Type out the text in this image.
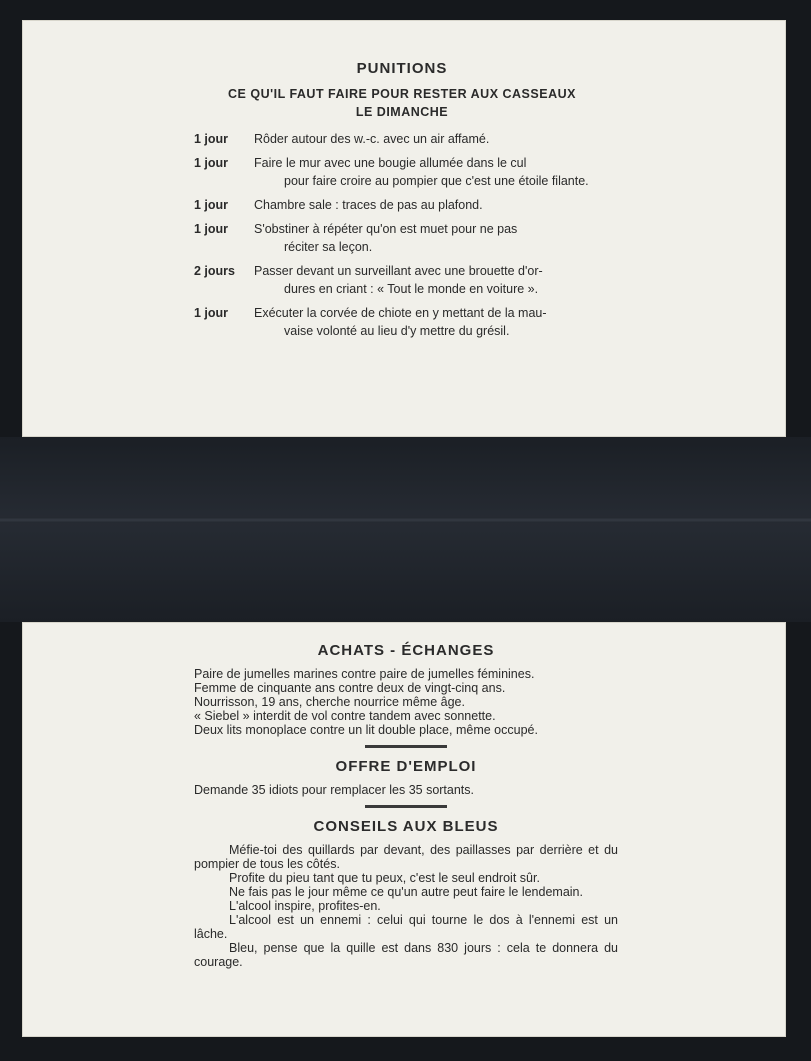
PUNITIONS
CE QU'IL FAUT FAIRE POUR RESTER AUX CASSEAUX
LE DIMANCHE
1 jour	Rôder autour des w.-c. avec un air affamé.
1 jour	Faire le mur avec une bougie allumée dans le cul
pour faire croire au pompier que c'est une étoile filante.
1 jour	Chambre sale : traces de pas au plafond.
1 jour	S'obstiner à répéter qu'on est muet pour ne pas
réciter sa leçon.
2 jours	Passer devant un surveillant avec une brouette d'or-
dures en criant : « Tout le monde en voiture ».
1 jour	Exécuter la corvée de chiote en y mettant de la mau-
vaise volonté au lieu d'y mettre du grésil.
ACHATS - ÉCHANGES
Paire de jumelles marines contre paire de jumelles féminines.
Femme de cinquante ans contre deux de vingt-cinq ans.
Nourrisson, 19 ans, cherche nourrice même âge.
« Siebel » interdit de vol contre tandem avec sonnette.
Deux lits monoplace contre un lit double place, même occupé.
OFFRE D'EMPLOI
Demande 35 idiots pour remplacer les 35 sortants.
CONSEILS AUX BLEUS
Méfie-toi des quillards par devant, des paillasses par derrière et du pompier de tous les côtés.
Profite du pieu tant que tu peux, c'est le seul endroit sûr.
Ne fais pas le jour même ce qu'un autre peut faire le lendemain.
L'alcool inspire, profites-en.
L'alcool est un ennemi : celui qui tourne le dos à l'ennemi est un lâche.
Bleu, pense que la quille est dans 830 jours : cela te donnera du courage.
